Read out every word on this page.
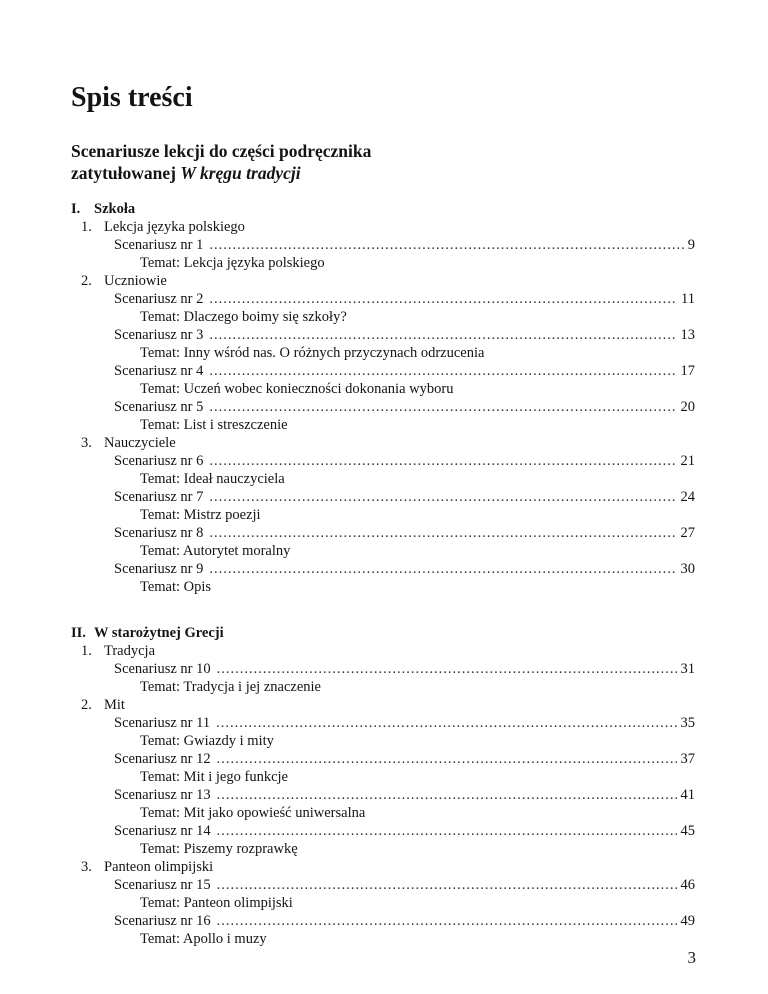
Spis treści
Scenariusze lekcji do części podręcznika
zatytułowanej W kręgu tradycji
I. Szkoła
1. Lekcja języka polskiego
Scenariusz nr 1 .....	9
Temat: Lekcja języka polskiego
2. Uczniowie
Scenariusz nr 2 .....	11
Temat: Dlaczego boimy się szkoły?
Scenariusz nr 3 .....	13
Temat: Inny wśród nas. O różnych przyczynach odrzucenia
Scenariusz nr 4 .....	17
Temat: Uczeń wobec konieczności dokonania wyboru
Scenariusz nr 5 .....	20
Temat: List i streszczenie
3. Nauczyciele
Scenariusz nr 6 .....	21
Temat: Ideał nauczyciela
Scenariusz nr 7 .....	24
Temat: Mistrz poezji
Scenariusz nr 8 .....	27
Temat: Autorytet moralny
Scenariusz nr 9 .....	30
Temat: Opis
II. W starożytnej Grecji
1. Tradycja
Scenariusz nr 10 .....	31
Temat: Tradycja i jej znaczenie
2. Mit
Scenariusz nr 11 .....	35
Temat: Gwiazdy i mity
Scenariusz nr 12 .....	37
Temat: Mit i jego funkcje
Scenariusz nr 13 .....	41
Temat: Mit jako opowieść uniwersalna
Scenariusz nr 14 .....	45
Temat: Piszemy rozprawkę
3. Panteon olimpijski
Scenariusz nr 15 .....	46
Temat: Panteon olimpijski
Scenariusz nr 16 .....	49
Temat: Apollo i muzy
3
